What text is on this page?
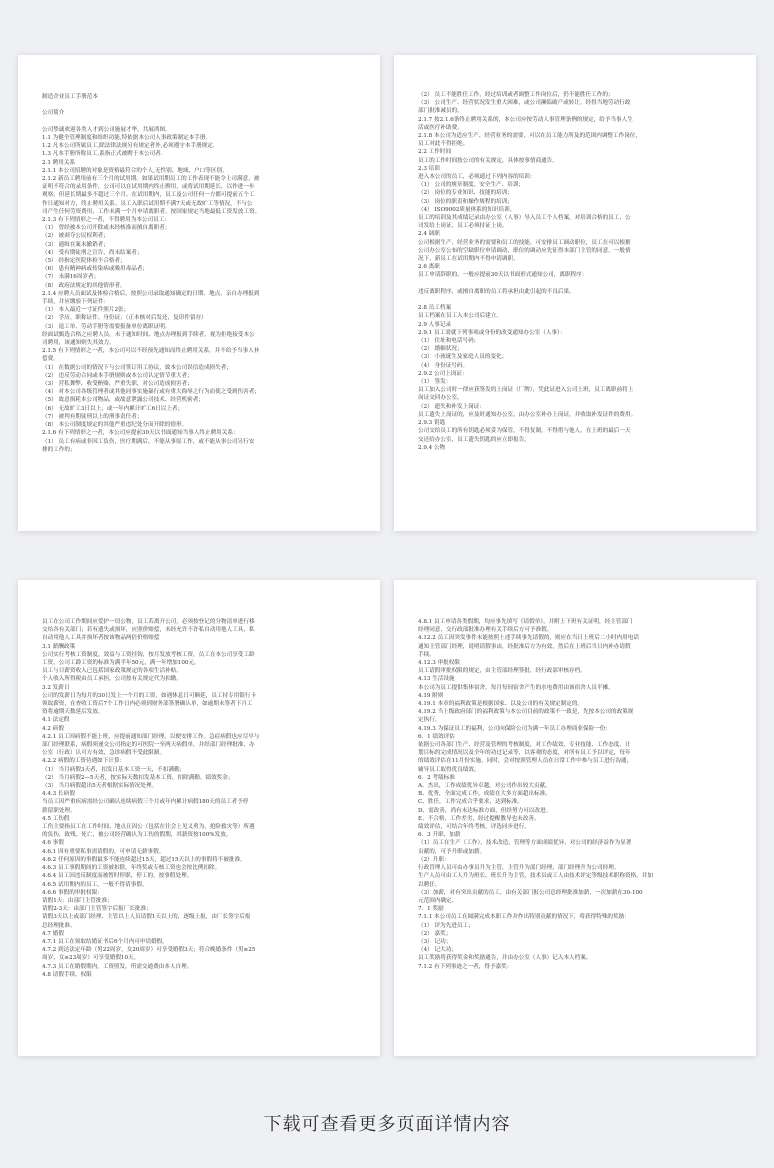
制造企业员工手册范本
公司简介
公司挚诚欢迎各类人才到公司施展才华，共展鸿图。
1.1 为健全管理制度和组织功能,特依据本公司人事政策制定本手册.
1.2 凡本公司所属员工,除法律法规另有规定者外,必须遵守本手册规定.
1.3 凡本手册所称员工,系指正式被聘于本公司者.
2.1 聘用关系
2.1.1 本公司招聘的对象是资格最符合的个人,无性别、地域、户口等区别。
2.1.2 新员工聘用前有三个月的试用期。如果试用期员工的工作表现不能令上司满意，被
证明不符合的录用条件，公司可以在试用期内终止聘用，或将试用期延长，以作进一步
观察，但延长期最多不超过三个月。在试用期内，员工及公司任何一方都可提前五个工
作日通知对方，终止聘用关系。员工入职后试用期不满7天或无故旷工等情况，不与公
司产生任何劳资费用，工作未满一个月申请离职者，按国家规定当地最低工资发放工资。
2.1.3 有下列情形之一者，不得聘用为本公司员工：
（1） 曾经被本公司开除或未经核准而擅自离职者；
（2） 被剥夺公民权利者；
（3） 通缉在案未撤销者；
（4） 受有期徒刑之宣告，尚未结案者；
（5） 经指定医院体检不合格者；
（6） 患有精神病或传染病或吸用毒品者；
（7） 未满16周岁者；
（8） 政府法规定的其他情形者。
2.1.4 应聘人员面试及体检合格后，按照公司录取通知确定的日期、地点，亲自办理报到
手续，并应缴验下列证件：
（1） 本人最近一寸证件照片2张；
（2） 学历、职称证件、身份证；（正本核对后发还，复印件留存）
（3） 退工单、劳动手册等需要报备单位离职证明。
经面试甄选合格之应聘人员，未于通知时间、地点办理报到手续者，视为拒绝接受本公
司聘用，该通知则失其效力。
2.1.5 有下列情形之一者，本公司可以不经预先通知而终止聘用关系，并不给予当事人补
偿费。
（1） 在数据公司的情况下与公司签订用工协议，致本公司误信造成损失者；
（2） 违反劳动合同或本手册规则或本公司认定情节重大者；
（3） 营私舞弊，收受贿赂，严重失职，对公司造成损害者；
（4） 对本公司各级管理者或其他同事实施暴行或有重大侮辱之行为而使之受到伤害者；
（5） 故意损耗本公司物品，或故意泄露公司技术、经营机密者；
（6） 无故旷工3日以上，或一年内累计旷工6日以上者；
（7） 被判有期徒刑以上的刑事责任者；
（8） 本公司制度规定的其他严重违纪处分而开除的情形。
2.1.6 有下列情形之一者，本公司应提前30天以书面通知当事人终止聘用关系：
（1） 员工有病或非因工负伤，医疗期满后，不能从事原工作，或不能从事公司另行安
排的工作的；
（2） 员工不能胜任工作，经过培训或者调整工作岗位后，仍不能胜任工作的；
（3） 公司生产、经营状况发生重大困难，或公司濒临破产或转让，经得当地劳动行政
部门批准减员的。
2.1.7 按2.1.6条终止聘用关系的，本公司应按劳动人事管理条例的规定，给予当事人生
活或医疗补助费。
2.1.8 本公司为适应生产、经营业务的需要，可以在员工能力所及的范围内调整工作岗位，
员工对此不得拒绝。
2.2 工作时间
员工的工作时间按公司的有关规定，具体按事情商通告。
2.3 培训
进入本公司的员工，必须通过下列内容的培训：
（1） 公司的规章制度、安全生产、培训；
（2） 岗位的专业知识、技能的培训；
（3） 岗位的职责和操作规程的培训；
（4） ISO9002质量体系的知识培训。
员工的培训及其成绩记录由办公室（人事）导入员工个人档案，对培训合格的员工，公
司发给上岗证，员工必须持证上岗。
2.4 调职
公司根据生产，经营业务的需要和员工的技能，可安排员工调动职位，员工在可以根据
公司办公室公布的空缺职位申请调动，职位的调动应先征得本部门主管的同意，一般情
况下，新员工在试用期内不得申请调职。
2.6 离职
员工申请辞职的，一般应提前30天以书面形式通知公司，离职程序：
违反离职程序，或擅自离职的员工将承担由此引起的不良后果。
2.8 员工档案
员工档案在员工入本公司后建立。
2.9 人事记录
2.9.1 员工需就下列事项或身份的改变通知办公室（人事）：
（1） 住址和电话号码；
（2） 婚姻状况；
（3） 小孩诞生及家庭人员的变化；
（4） 身份证号码。
2.9.2 公司上岗证：
（1） 签发：
员工加入公司时一律应获签发的上岗证（厂牌），凭此证进入公司上班，员工离职前将上
岗证交回办公室。
（2） 遗失和补发上岗证：
员工遗失上岗证的，应及时通知办公室，由办公室补办上岗证，并收取补发证件的费用。
2.9.3 钥匙
公司交给员工的所有钥匙必须妥为保管，不得复制，不得借与他人，在上班的最后一天
交还给办公室，员工遗失钥匙的应立即报告。
2.9.4 公物
员工在公司工作期间应爱护一切公物，员工若离开公司，必须按登记的分物清单进行移
交给各有关部门；若有遗失或损坏，应照价赔偿，未经允许不许私自动用他人工具，私
自动用他人工具并损坏者按该物品两倍价格赔偿
3.1 薪酬政策
公司实行考核工资制度，效益与工资挂钩，按月发放考核工资，员工在本公司享受工龄
工资，公司工龄工资的标准为满半年50元，满一年增加100元。
员工与日薪资收入已包括国家政策规定的各项生活补贴。
个人收入所得税由员工承担，公司按有关规定代为扣缴。
3.2 发薪日
公司的发薪日为每月的30日发上一个月的工资，如遇休息日可顺延，员工持专用银行卡
领取薪资，在查收工资后7个工作日内必须到财务部签署确认单，如逾期未签者下月工
资将逾期天数延后发放。
4.1 法定假
4.2 病假
4.2.1 员工因病假不能上班，应提前通知部门经理，以便安排工作。急症病假也应尽早与
部门经理联系，病假须递交公司指定的可医院一至两天病假单，并经部门经理批准，办
公室（行政）认可方有效，急诊病假不受此限制。
4.2.2 病假的工资待遇如下计算：
（1） 当月病假3天者，扣发日基本工资一天，不扣满勤；
（2） 当月病假2—5天者，按实际天数扣发基本工资，扣除满勤、绩效奖金；
（3） 当月病假超出5天者根据实际情况处理。
4.4.3 长病假
当员工因严重疾病需经公司确认连续病假三个月或年内累计病假180天的员工者予停
薪留职处理。
4.5 工伤假
工伤主要指员工在工作时间、地点且因公（包括在往会上见义勇为，抢险救灾等）所遇
的负伤、致残、死亡，被公司经营确认为工伤的假期，其薪资按100%发放。
4.6 事假
4.6.1 因有重要私事需请假的，可申请无薪事假。
4.6.2 任何原因的事假最多不能连续超过15天，超过15天以上的事假将不被批准。
4.6.3 员工事假期间的工资被扣除，年终奖或专核工资也会按比例扣除。
4.6.4 员工因违反制度而被暂时停职，停工的，按事假处理。
4.6.5 试用期内的员工，一般不得请事假。
4.6.6 事假的审批权限：
请假1天：由部门主管批准；
请假2-3天：由部门主管签字后报厂长批准；
请假3天以上或部门经理、主管以上人员请假1天以上的，逐级上报，由厂长签字后报
总经理批准。
4.7 婚假
4.7.1 员工在领取结婚证书后6个月内可申请婚假。
4.7.2 到达法定年龄（男22周岁，女20周岁）可享受婚假3天；符合晚婚条件（男≥25
周岁，女≥23周岁）可享受婚假10天。
4.7.3 员工在婚假期内，工资照发，所需交通费由本人自理。
4.8 请假手续、权限
4.8.1 员工申请各类假期，均应事先填写《请假单》，并附上下班有关证明，经主管部门
经理同意，交行政部批准办理有关手续后方可予准假。
4.12.2 员工因突发事件未能按照上述手续事先请假的，则应在当日上班后二小时内用电话
通知主管部门经理，说明请假事由，经批准后方为有效，然后在上班后当日内补办请假
手续。
4.12.3 审批权限
员工请假审批权限的规定，由主管部经理签批，经行政部审核存档。
4.13 生活设施
本公司为员工提供集体宿舍，每月每间宿舍产生的水电费用由该宿舍人员平摊。
4.19 附则
4.19.1 本章的福利政策是根据国家、以及公司的有关规定制定的。
4.19.2 当上级政府部门的福利政策与本公司目前的政策不一致是，先按本公司的政策规
定执行。
4.19.3 为保证员工的福利，公司向保险公司为满一年员工办理商业保险一份：
6．1 绩效评估
依据公司各部门生产、经营及管理的考核制度，对工作绩效、专业技能、工作态度、计
划目标的完成情况以及全年的功过记录等，以客观的态度，对所有员工予以评定，每年
的绩效评估在11月份实施。同时，会对按照管理人员在日常工作中参与员工进行沟通，
辅导员工取得优良绩效。
6．2 考绩标准
A、杰出，工作成绩优异卓越，对公司作出较大贡献。
B、优秀，全面完成工作，成绩在大多方面超出标准。
C、胜任，工作完成合乎要求，达到标准。
D、需改善，尚有未达标准方面，但经努力可以改进。
E、不合格，工作差劣，经过提醒教导也未改善。
绩效评估，可结合年终考核，评选同步进行。
6．3 升职、加薪
（1）员工在生产（工作），技术改造，管理等方面成绩优异，对公司的经济益作为显著
贡献的，可予升职或加薪。
（2）升职：
行政管理人员可由办事员升为主管，主管升为部门经理，部门经理升为公司经理。
生产人员可由工人升为班长，班长升为主管，技术员或工人由技术评定等级技术职称资格，并加
以聘任。
（3）加薪，对有突出贡献的员工，由有关部门报公司总经理批准加薪，一次加薪在30-100
元范围内确定。
7．1 奖励
7.1.1 本公司员工在圆满完成本职工作并作出特别贡献的情况下，将获得特殊的奖励：
（1） 评为先进员工；
（2） 嘉奖；
（3） 记功；
（4） 记大功；
员工奖励将获得奖金和奖励通告，并由办公室（人事）记入本人档案。
7.1.2 有下列事迹之一者，得予嘉奖：
下载可查看更多页面详情内容
